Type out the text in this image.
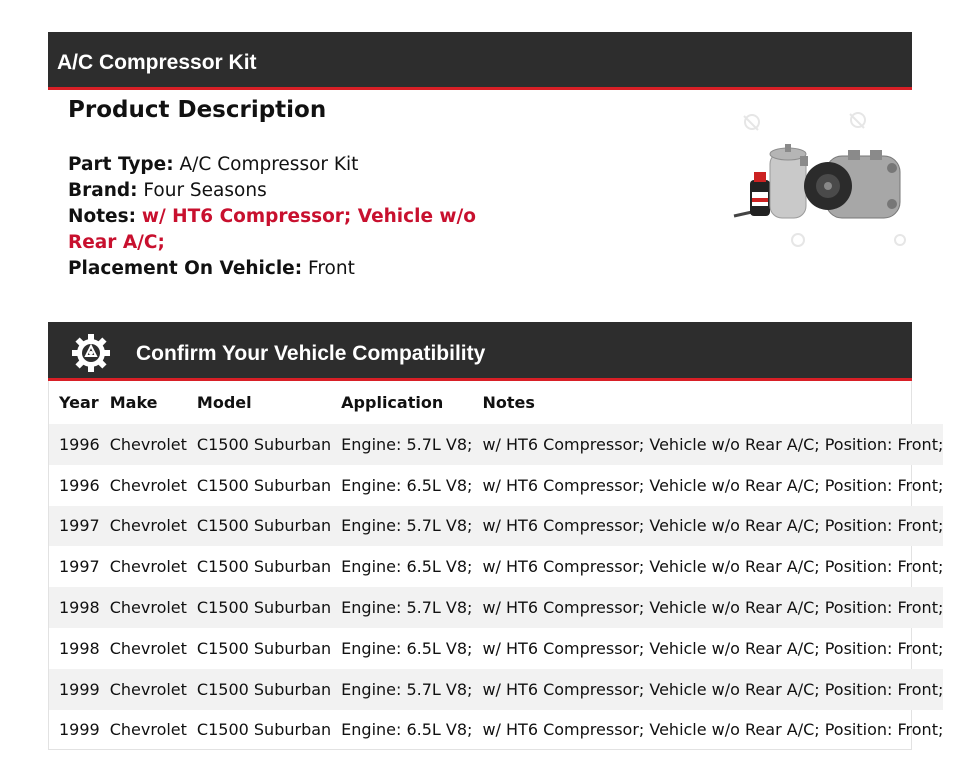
A/C Compressor Kit
Product Description
Part Type: A/C Compressor Kit
Brand: Four Seasons
Notes: w/ HT6 Compressor; Vehicle w/o Rear A/C;
Placement On Vehicle: Front
Confirm Your Vehicle Compatibility
Year	Make	Model	Application	Notes
1996	Chevrolet	C1500 Suburban	Engine: 5.7L V8;	w/ HT6 Compressor; Vehicle w/o Rear A/C; Position: Front;
1996	Chevrolet	C1500 Suburban	Engine: 6.5L V8;	w/ HT6 Compressor; Vehicle w/o Rear A/C; Position: Front;
1997	Chevrolet	C1500 Suburban	Engine: 5.7L V8;	w/ HT6 Compressor; Vehicle w/o Rear A/C; Position: Front;
1997	Chevrolet	C1500 Suburban	Engine: 6.5L V8;	w/ HT6 Compressor; Vehicle w/o Rear A/C; Position: Front;
1998	Chevrolet	C1500 Suburban	Engine: 5.7L V8;	w/ HT6 Compressor; Vehicle w/o Rear A/C; Position: Front;
1998	Chevrolet	C1500 Suburban	Engine: 6.5L V8;	w/ HT6 Compressor; Vehicle w/o Rear A/C; Position: Front;
1999	Chevrolet	C1500 Suburban	Engine: 5.7L V8;	w/ HT6 Compressor; Vehicle w/o Rear A/C; Position: Front;
1999	Chevrolet	C1500 Suburban	Engine: 6.5L V8;	w/ HT6 Compressor; Vehicle w/o Rear A/C; Position: Front;
